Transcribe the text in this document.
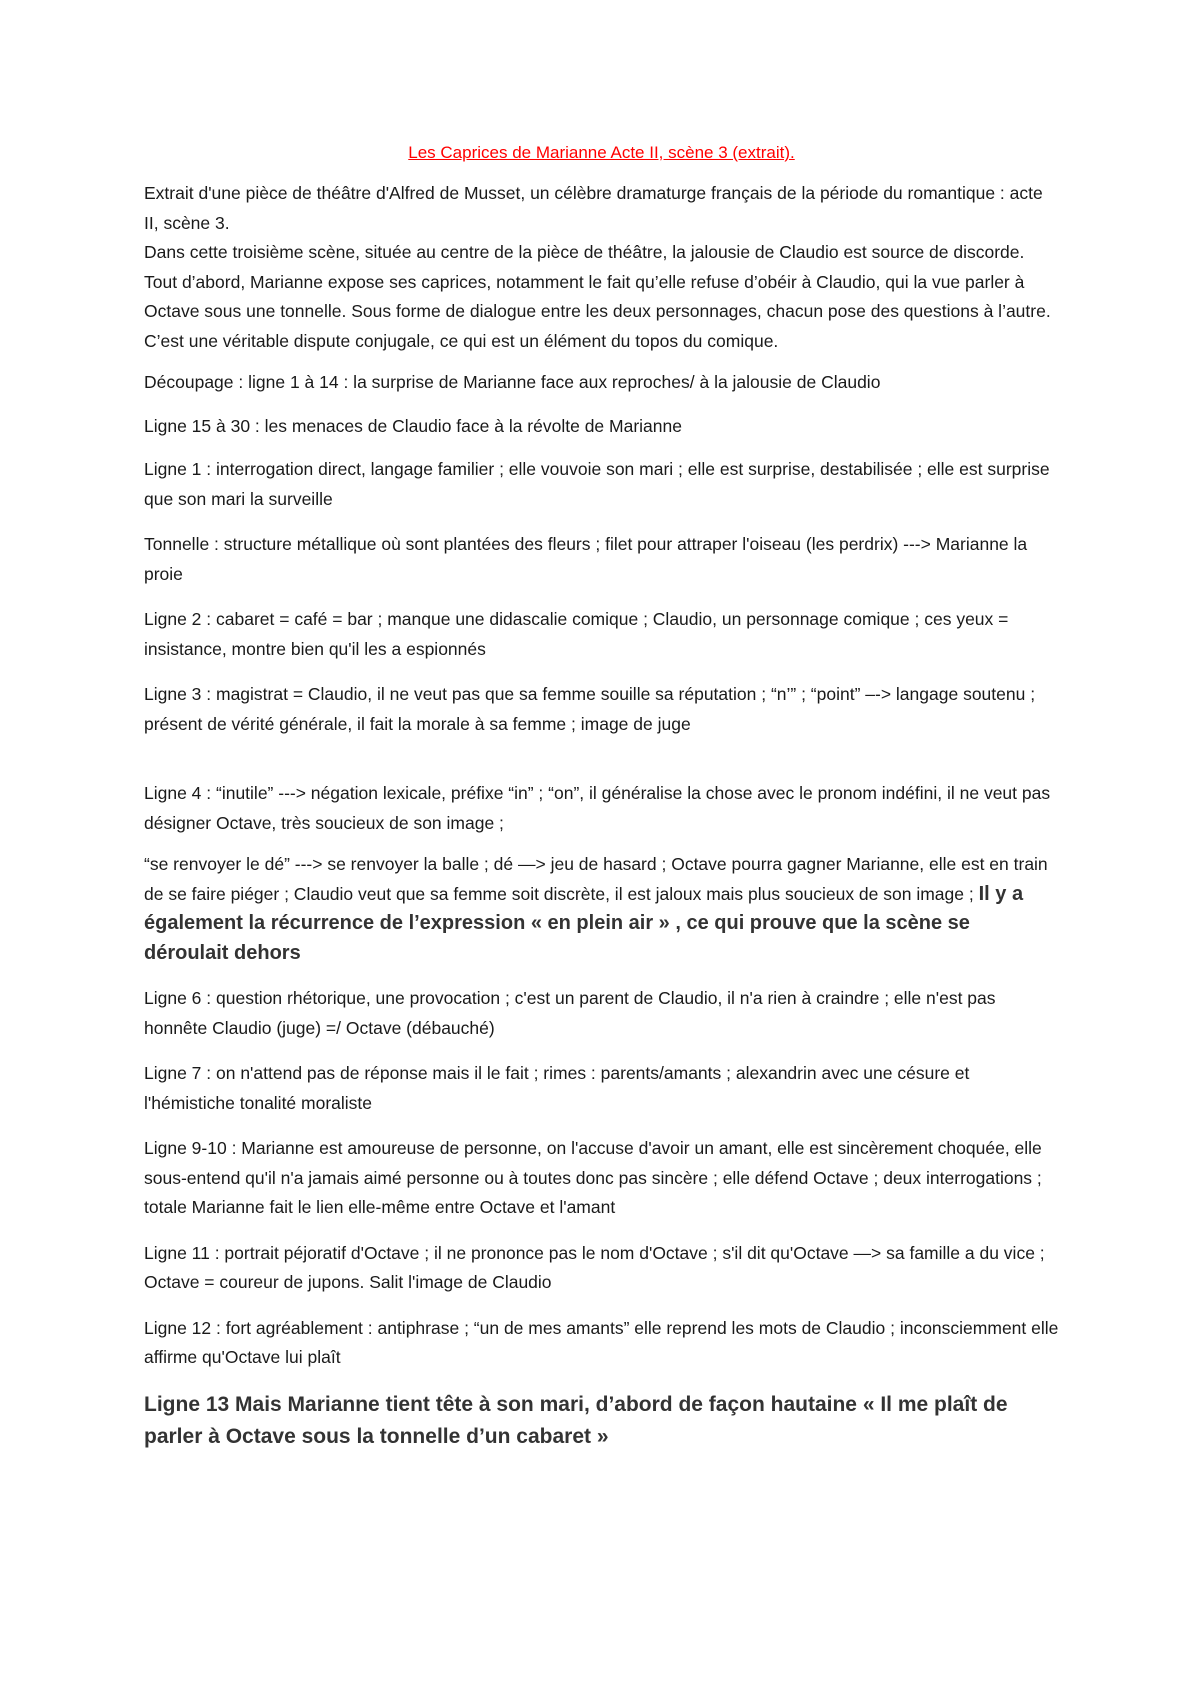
Les Caprices de Marianne Acte II, scène 3 (extrait).

Extrait d'une pièce de théâtre d'Alfred de Musset, un célèbre dramaturge français de la période du romantique : acte II, scène 3.
Dans cette troisième scène, située au centre de la pièce de théâtre, la jalousie de Claudio est source de discorde. Tout d’abord, Marianne expose ses caprices, notamment le fait qu’elle refuse d’obéir à Claudio, qui la vue parler à Octave sous une tonnelle. Sous forme de dialogue entre les deux personnages, chacun pose des questions à l’autre. C’est une véritable dispute conjugale, ce qui est un élément du topos du comique.

Découpage : ligne 1 à 14 : la surprise de Marianne face aux reproches/ à la jalousie de Claudio

Ligne 15 à 30 : les menaces de Claudio face à la révolte de Marianne

Ligne 1 : interrogation direct, langage familier ; elle vouvoie son mari ; elle est surprise, destabilisée ; elle est surprise que son mari la surveille

Tonnelle : structure métallique où sont plantées des fleurs ; filet pour attraper l'oiseau (les perdrix) ---> Marianne la proie

Ligne 2 : cabaret = café = bar ; manque une didascalie comique ; Claudio, un personnage comique ; ces yeux = insistance, montre bien qu'il les a espionnés

Ligne 3 : magistrat = Claudio, il ne veut pas que sa femme souille sa réputation ; “n’” ; “point” –-> langage soutenu ; présent de vérité générale, il fait la morale à sa femme ; image de juge

Ligne 4 : “inutile” ---> négation lexicale, préfixe “in” ; “on”, il généralise la chose avec le pronom indéfini, il ne veut pas désigner Octave, très soucieux de son image ;

“se renvoyer le dé” ---> se renvoyer la balle ; dé —> jeu de hasard ; Octave pourra gagner Marianne, elle est en train de se faire piéger ; Claudio veut que sa femme soit discrète, il est jaloux mais plus soucieux de son image ; Il y a également la récurrence de l’expression « en plein air » , ce qui prouve que la scène se déroulait dehors

Ligne 6 : question rhétorique, une provocation ; c'est un parent de Claudio, il n'a rien à craindre ; elle n'est pas honnête Claudio (juge) =/ Octave (débauché)

Ligne 7 : on n'attend pas de réponse mais il le fait ; rimes : parents/amants ; alexandrin avec une césure et l'hémistiche tonalité moraliste

Ligne 9-10 : Marianne est amoureuse de personne, on l'accuse d'avoir un amant, elle est sincèrement choquée, elle sous-entend qu'il n'a jamais aimé personne ou à toutes donc pas sincère ; elle défend Octave ; deux interrogations ; totale Marianne fait le lien elle-même entre Octave et l'amant

Ligne 11 : portrait péjoratif d'Octave ; il ne prononce pas le nom d'Octave ; s'il dit qu'Octave —> sa famille a du vice ; Octave = coureur de jupons. Salit l'image de Claudio

Ligne 12 : fort agréablement : antiphrase ; “un de mes amants” elle reprend les mots de Claudio ; inconsciemment elle affirme qu'Octave lui plaît

Ligne 13 Mais Marianne tient tête à son mari, d’abord de façon hautaine « Il me plaît de parler à Octave sous la tonnelle d’un cabaret »
